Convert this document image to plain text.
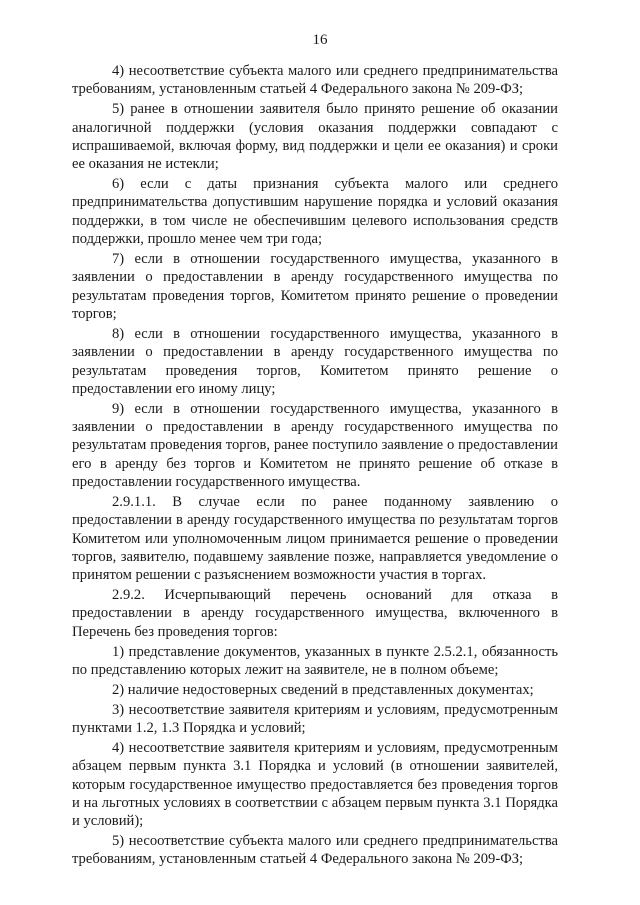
16

4) несоответствие субъекта малого или среднего предпринимательства требованиям, установленным статьей 4 Федерального закона № 209-ФЗ;

5) ранее в отношении заявителя было принято решение об оказании аналогичной поддержки (условия оказания поддержки совпадают с испрашиваемой, включая форму, вид поддержки и цели ее оказания) и сроки ее оказания не истекли;

6) если с даты признания субъекта малого или среднего предпринимательства допустившим нарушение порядка и условий оказания поддержки, в том числе не обеспечившим целевого использования средств поддержки, прошло менее чем три года;

7) если в отношении государственного имущества, указанного в заявлении о предоставлении в аренду государственного имущества по результатам проведения торгов, Комитетом принято решение о проведении торгов;

8) если в отношении государственного имущества, указанного в заявлении о предоставлении в аренду государственного имущества по результатам проведения торгов, Комитетом принято решение о предоставлении его иному лицу;

9) если в отношении государственного имущества, указанного в заявлении о предоставлении в аренду государственного имущества по результатам проведения торгов, ранее поступило заявление о предоставлении его в аренду без торгов и Комитетом не принято решение об отказе в предоставлении государственного имущества.

2.9.1.1. В случае если по ранее поданному заявлению о предоставлении в аренду государственного имущества по результатам торгов Комитетом или уполномоченным лицом принимается решение о проведении торгов, заявителю, подавшему заявление позже, направляется уведомление о принятом решении с разъяснением возможности участия в торгах.

2.9.2. Исчерпывающий перечень оснований для отказа в предоставлении в аренду государственного имущества, включенного в Перечень без проведения торгов:

1) представление документов, указанных в пункте 2.5.2.1, обязанность по представлению которых лежит на заявителе, не в полном объеме;

2) наличие недостоверных сведений в представленных документах;

3) несоответствие заявителя критериям и условиям, предусмотренным пунктами 1.2, 1.3 Порядка и условий;

4) несоответствие заявителя критериям и условиям, предусмотренным абзацем первым пункта 3.1 Порядка и условий (в отношении заявителей, которым государственное имущество предоставляется без проведения торгов и на льготных условиях в соответствии с абзацем первым пункта 3.1 Порядка и условий);

5) несоответствие субъекта малого или среднего предпринимательства требованиям, установленным статьей 4 Федерального закона № 209-ФЗ;
